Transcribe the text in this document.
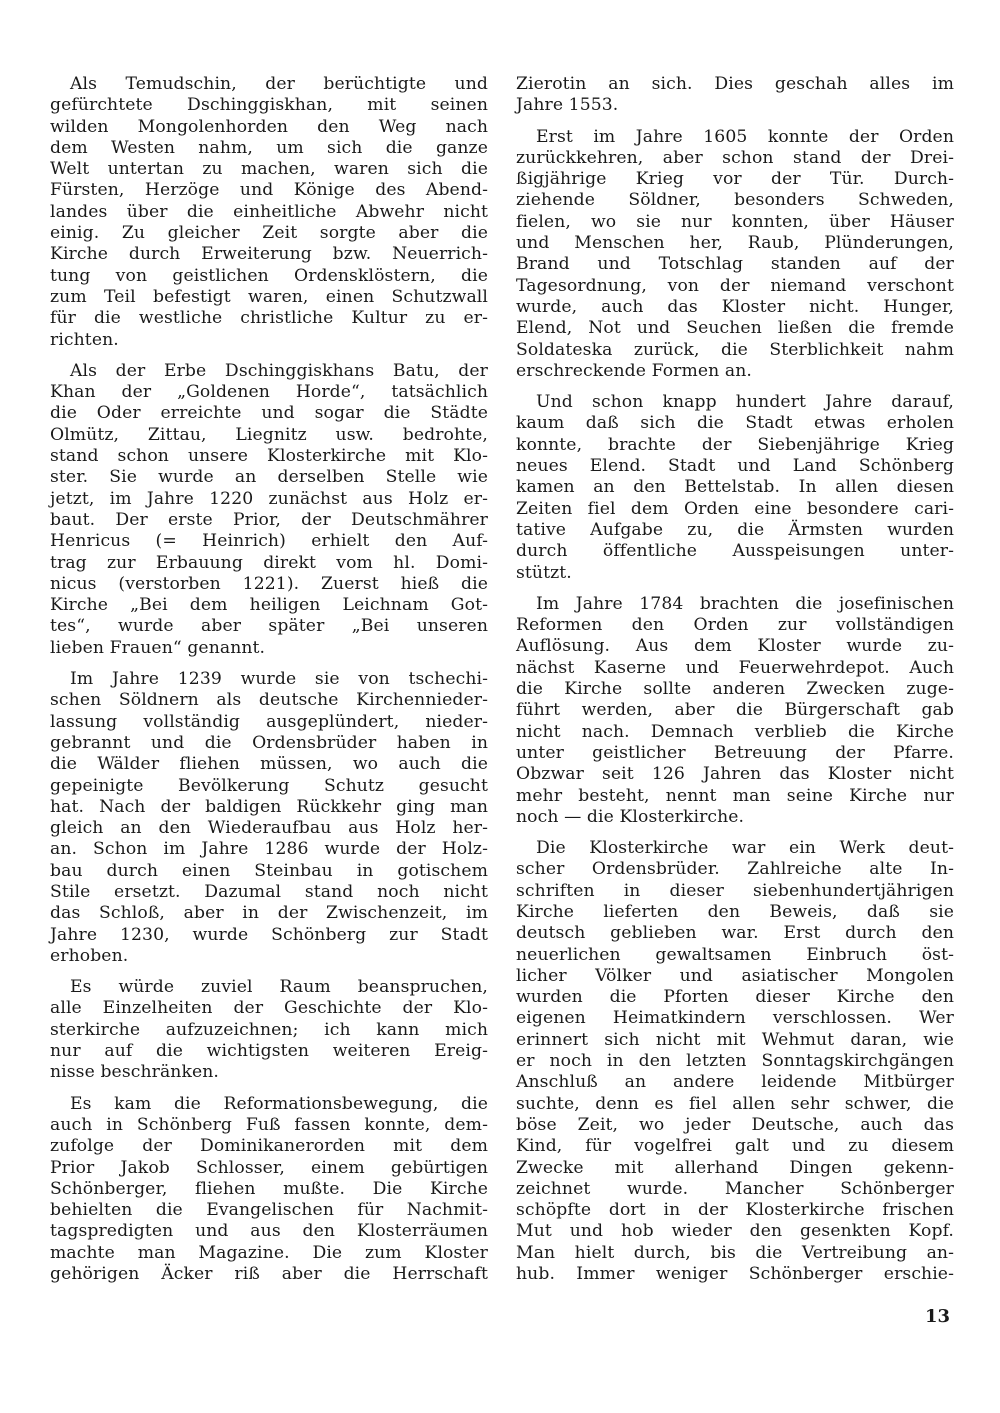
Als Temudschin, der berüchtigte und
gefürchtete Dschinggiskhan, mit seinen
wilden Mongolenhorden den Weg nach
dem Westen nahm, um sich die ganze
Welt untertan zu machen, waren sich die
Fürsten, Herzöge und Könige des Abend-
landes über die einheitliche Abwehr nicht
einig. Zu gleicher Zeit sorgte aber die
Kirche durch Erweiterung bzw. Neuerrich-
tung von geistlichen Ordensklöstern, die
zum Teil befestigt waren, einen Schutzwall
für die westliche christliche Kultur zu er-
richten.
Als der Erbe Dschinggiskhans Batu, der
Khan der „Goldenen Horde“, tatsächlich
die Oder erreichte und sogar die Städte
Olmütz, Zittau, Liegnitz usw. bedrohte,
stand schon unsere Klosterkirche mit Klo-
ster. Sie wurde an derselben Stelle wie
jetzt, im Jahre 1220 zunächst aus Holz er-
baut. Der erste Prior, der Deutschmährer
Henricus (= Heinrich) erhielt den Auf-
trag zur Erbauung direkt vom hl. Domi-
nicus (verstorben 1221). Zuerst hieß die
Kirche „Bei dem heiligen Leichnam Got-
tes“, wurde aber später „Bei unseren
lieben Frauen“ genannt.
Im Jahre 1239 wurde sie von tschechi-
schen Söldnern als deutsche Kirchennieder-
lassung vollständig ausgeplündert, nieder-
gebrannt und die Ordensbrüder haben in
die Wälder fliehen müssen, wo auch die
gepeinigte Bevölkerung Schutz gesucht
hat. Nach der baldigen Rückkehr ging man
gleich an den Wiederaufbau aus Holz her-
an. Schon im Jahre 1286 wurde der Holz-
bau durch einen Steinbau in gotischem
Stile ersetzt. Dazumal stand noch nicht
das Schloß, aber in der Zwischenzeit, im
Jahre 1230, wurde Schönberg zur Stadt
erhoben.
Es würde zuviel Raum beanspruchen,
alle Einzelheiten der Geschichte der Klo-
sterkirche aufzuzeichnen; ich kann mich
nur auf die wichtigsten weiteren Ereig-
nisse beschränken.
Es kam die Reformationsbewegung, die
auch in Schönberg Fuß fassen konnte, dem-
zufolge der Dominikanerorden mit dem
Prior Jakob Schlosser, einem gebürtigen
Schönberger, fliehen mußte. Die Kirche
behielten die Evangelischen für Nachmit-
tagspredigten und aus den Klosterräumen
machte man Magazine. Die zum Kloster
gehörigen Äcker riß aber die Herrschaft
Zierotin an sich. Dies geschah alles im
Jahre 1553.
Erst im Jahre 1605 konnte der Orden
zurückkehren, aber schon stand der Drei-
ßigjährige Krieg vor der Tür. Durch-
ziehende Söldner, besonders Schweden,
fielen, wo sie nur konnten, über Häuser
und Menschen her, Raub, Plünderungen,
Brand und Totschlag standen auf der
Tagesordnung, von der niemand verschont
wurde, auch das Kloster nicht. Hunger,
Elend, Not und Seuchen ließen die fremde
Soldateska zurück, die Sterblichkeit nahm
erschreckende Formen an.
Und schon knapp hundert Jahre darauf,
kaum daß sich die Stadt etwas erholen
konnte, brachte der Siebenjährige Krieg
neues Elend. Stadt und Land Schönberg
kamen an den Bettelstab. In allen diesen
Zeiten fiel dem Orden eine besondere cari-
tative Aufgabe zu, die Ärmsten wurden
durch öffentliche Ausspeisungen unter-
stützt.
Im Jahre 1784 brachten die josefinischen
Reformen den Orden zur vollständigen
Auflösung. Aus dem Kloster wurde zu-
nächst Kaserne und Feuerwehrdepot. Auch
die Kirche sollte anderen Zwecken zuge-
führt werden, aber die Bürgerschaft gab
nicht nach. Demnach verblieb die Kirche
unter geistlicher Betreuung der Pfarre.
Obzwar seit 126 Jahren das Kloster nicht
mehr besteht, nennt man seine Kirche nur
noch — die Klosterkirche.
Die Klosterkirche war ein Werk deut-
scher Ordensbrüder. Zahlreiche alte In-
schriften in dieser siebenhundertjährigen
Kirche lieferten den Beweis, daß sie
deutsch geblieben war. Erst durch den
neuerlichen gewaltsamen Einbruch öst-
licher Völker und asiatischer Mongolen
wurden die Pforten dieser Kirche den
eigenen Heimatkindern verschlossen. Wer
erinnert sich nicht mit Wehmut daran, wie
er noch in den letzten Sonntagskirchgängen
Anschluß an andere leidende Mitbürger
suchte, denn es fiel allen sehr schwer, die
böse Zeit, wo jeder Deutsche, auch das
Kind, für vogelfrei galt und zu diesem
Zwecke mit allerhand Dingen gekenn-
zeichnet wurde. Mancher Schönberger
schöpfte dort in der Klosterkirche frischen
Mut und hob wieder den gesenkten Kopf.
Man hielt durch, bis die Vertreibung an-
hub. Immer weniger Schönberger erschie-
13
